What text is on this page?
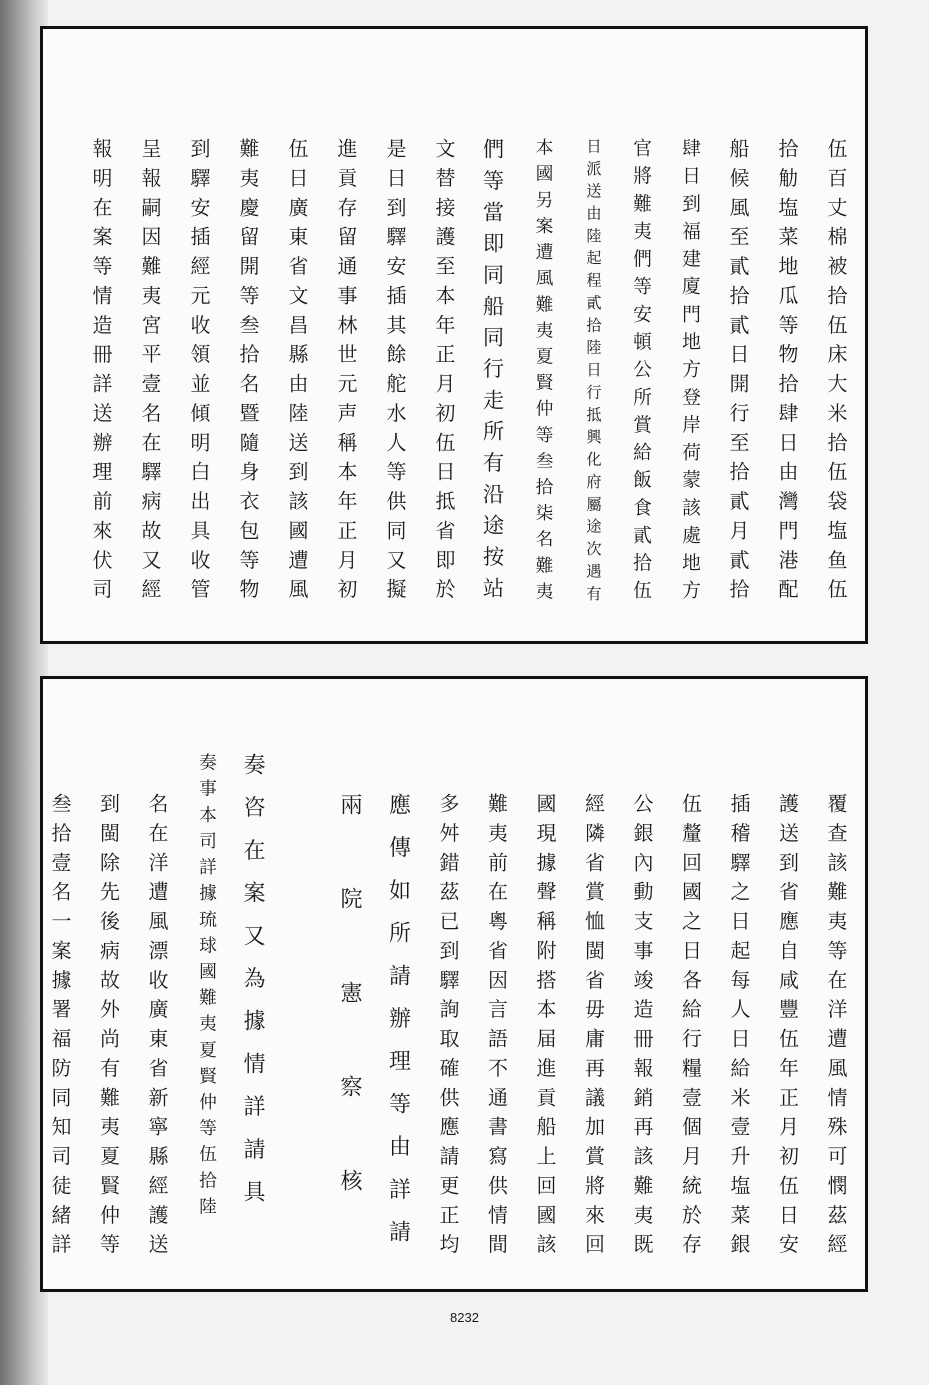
伍百丈棉被拾伍床大米拾伍袋塩鱼伍
拾觔塩菜地瓜等物拾肆日由灣門港配
船候風至貳拾貳日開行至拾貳月貳拾
肆日到福建廈門地方登岸荷蒙該處地方
官將難夷們等安頓公所賞給飯食貳拾伍
日派送由陸起程貳拾陸日行抵興化府屬途次遇有
本國另案遭風難夷夏賢仲等叁拾柒名難夷
們等當即同船同行走所有沿途按站
文替接護至本年正月初伍日抵省即於
是日到驛安插其餘舵水人等供同又擬
進貢存留通事林世元声稱本年正月初
伍日廣東省文昌縣由陸送到該國遭風
難夷慶留開等叁拾名暨隨身衣包等物
到驛安插經元收領並傾明白出具收管
呈報嗣因難夷宮平壹名在驛病故又經
報明在案等情造冊詳送辦理前來伏司
覆查該難夷等在洋遭風情殊可憫茲經
護送到省應自咸豐伍年正月初伍日安
插稽驛之日起每人日給米壹升塩菜銀
伍釐回國之日各給行糧壹個月統於存
公銀內動支事竣造冊報銷再該難夷既
經隣省賞恤閩省毋庸再議加賞將來回
國現據聲稱附搭本届進貢船上回國該
難夷前在粵省因言語不通書寫供情間
多舛錯茲已到驛詢取確供應請更正均
應傳如所請辦理等由詳請
兩院憲察核
奏咨在案又為據情詳請具
奏事本司詳據琉球國難夷夏賢仲等伍拾陸
名在洋遭風漂收廣東省新寧縣經護送
到閩除先後病故外尚有難夷夏賢仲等
叁拾壹名一案據署福防同知司徒緒詳
8232
